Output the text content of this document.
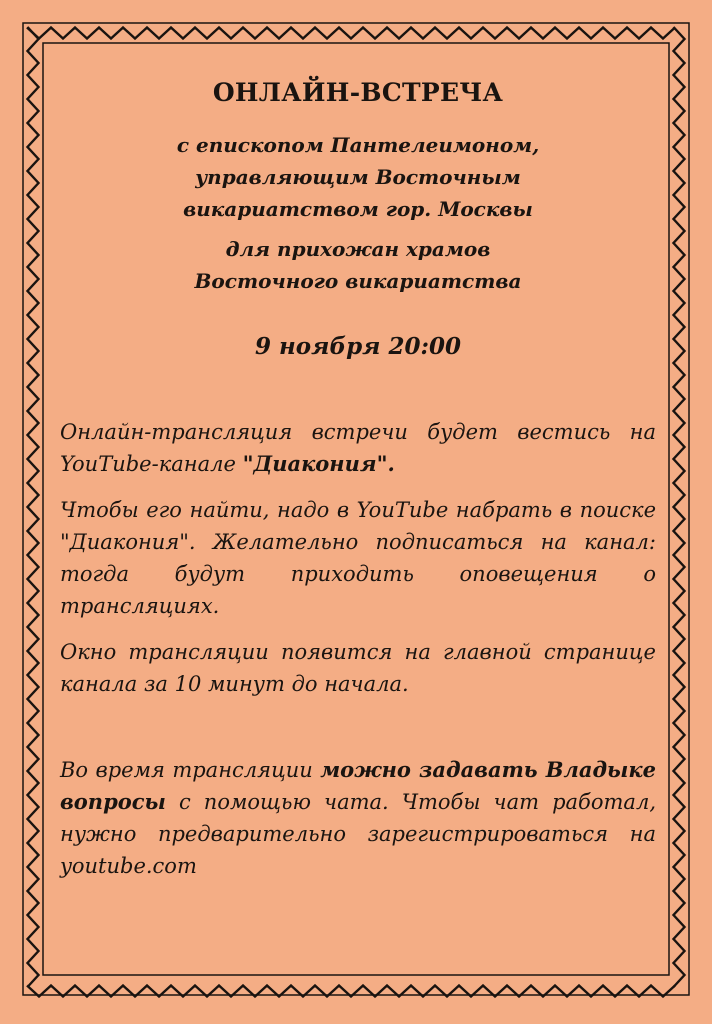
ОНЛАЙН-ВСТРЕЧА
с епископом Пантелеимоном,
управляющим Восточным
викариатством гор. Москвы
для прихожан храмов
Восточного викариатства
9 ноября 20:00

Онлайн-трансляция встречи будет вестись на YouTube-канале "Диакония".

Чтобы его найти, надо в YouTube набрать в поиске "Диакония". Желательно подписаться на канал: тогда будут приходить оповещения о трансляциях.

Окно трансляции появится на главной странице канала за 10 минут до начала.

Во время трансляции можно задавать Владыке вопросы с помощью чата. Чтобы чат работал, нужно предварительно зарегистрироваться на youtube.com
